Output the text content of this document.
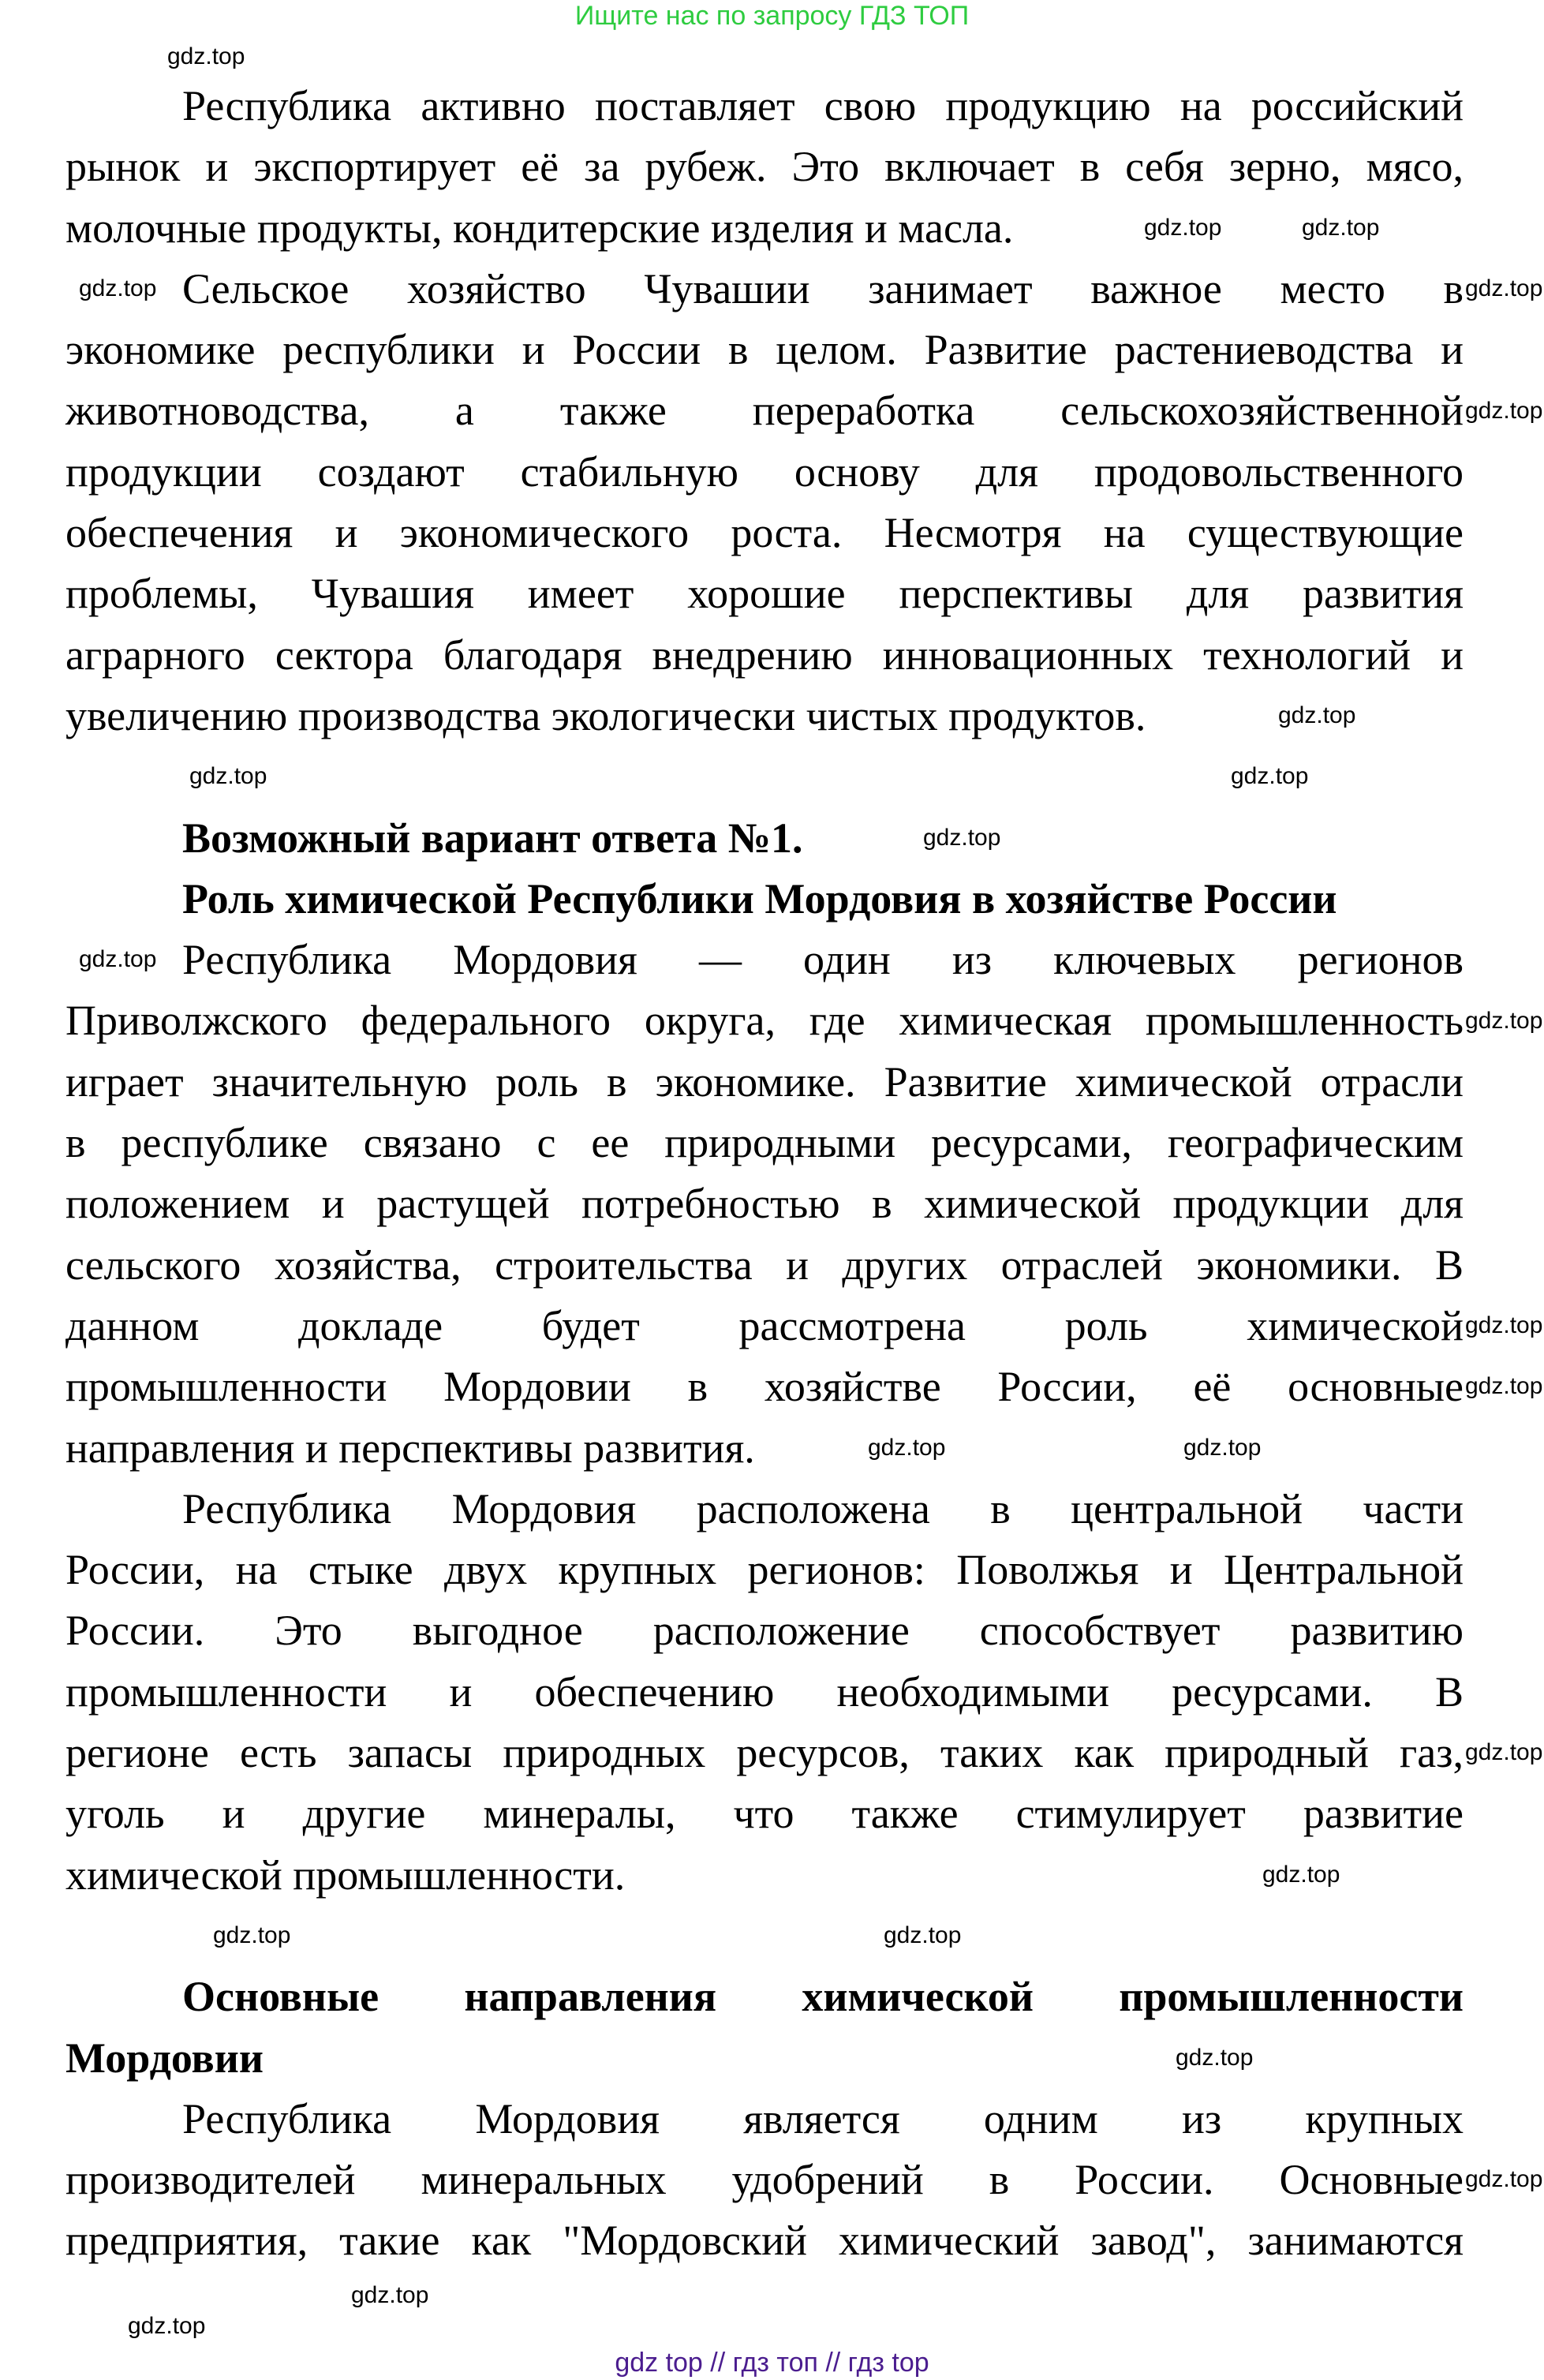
Ищите нас по запросу ГДЗ ТОП
Республика активно поставляет свою продукцию на российский
рынок и экспортирует её за рубеж. Это включает в себя зерно, мясо,
молочные продукты, кондитерские изделия и масла.
Сельское хозяйство Чувашии занимает важное место в
экономике республики и России в целом. Развитие растениеводства и
животноводства, а также переработка сельскохозяйственной
продукции создают стабильную основу для продовольственного
обеспечения и экономического роста. Несмотря на существующие
проблемы, Чувашия имеет хорошие перспективы для развития
аграрного сектора благодаря внедрению инновационных технологий и
увеличению производства экологически чистых продуктов.
Возможный вариант ответа №1.
Роль химической Республики Мордовия в хозяйстве России
Республика Мордовия — один из ключевых регионов
Приволжского федерального округа, где химическая промышленность
играет значительную роль в экономике. Развитие химической отрасли
в республике связано с ее природными ресурсами, географическим
положением и растущей потребностью в химической продукции для
сельского хозяйства, строительства и других отраслей экономики. В
данном докладе будет рассмотрена роль химической
промышленности Мордовии в хозяйстве России, её основные
направления и перспективы развития.
Республика Мордовия расположена в центральной части
России, на стыке двух крупных регионов: Поволжья и Центральной
России. Это выгодное расположение способствует развитию
промышленности и обеспечению необходимыми ресурсами. В
регионе есть запасы природных ресурсов, таких как природный газ,
уголь и другие минералы, что также стимулирует развитие
химической промышленности.
Основные направления химической промышленности
Мордовии
Республика Мордовия является одним из крупных
производителей минеральных удобрений в России. Основные
предприятия, такие как "Мордовский химический завод", занимаются
gdz.top
gdz.top	gdz.top
gdz.top
gdz.top
gdz.top
gdz.top
gdz.top
gdz.top
gdz.top
gdz.top
gdz.top
gdz.top
gdz.top
gdz.top	gdz.top
gdz.top
gdz.top
gdz.top	gdz.top
gdz.top
gdz.top
gdz.top
gdz.top
gdz top // гдз топ // гдз top
